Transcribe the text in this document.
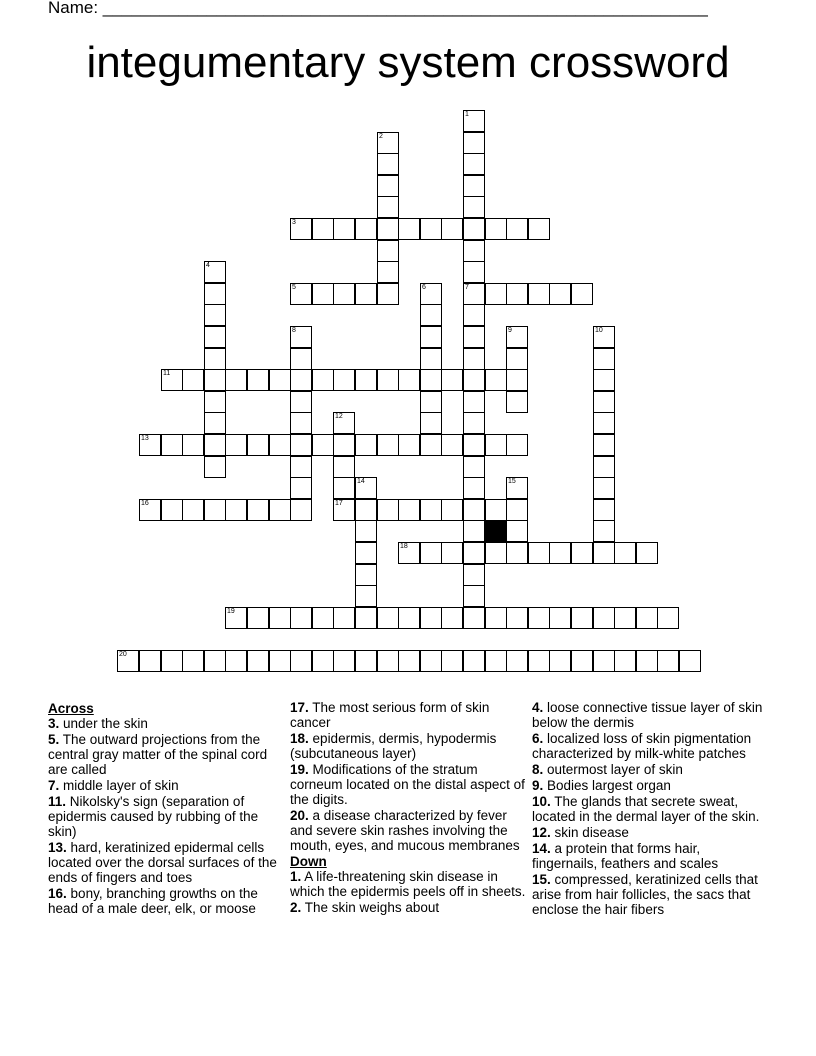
Name: ________________________________________________________________
integumentary system crossword
1
7
2
3
4
5	6
8	9	10
11
12
13
14	15
16	17
18
19
20
Across
3. under the skin
5. The outward projections from the central gray matter of the spinal cord are called
7. middle layer of skin
11. Nikolsky's sign (separation of epidermis caused by rubbing of the skin)
13. hard, keratinized epidermal cells located over the dorsal surfaces of the ends of fingers and toes
16. bony, branching growths on the head of a male deer, elk, or moose
17. The most serious form of skin cancer
18. epidermis, dermis, hypodermis (subcutaneous layer)
19. Modifications of the stratum corneum located on the distal aspect of the digits.
20. a disease characterized by fever and severe skin rashes involving the mouth, eyes, and mucous membranes
Down
1. A life-threatening skin disease in which the epidermis peels off in sheets.
2. The skin weighs about
4. loose connective tissue layer of skin below the dermis
6. localized loss of skin pigmentation characterized by milk-white patches
8. outermost layer of skin
9. Bodies largest organ
10. The glands that secrete sweat, located in the dermal layer of the skin.
12. skin disease
14. a protein that forms hair, fingernails, feathers and scales
15. compressed, keratinized cells that arise from hair follicles, the sacs that enclose the hair fibers
